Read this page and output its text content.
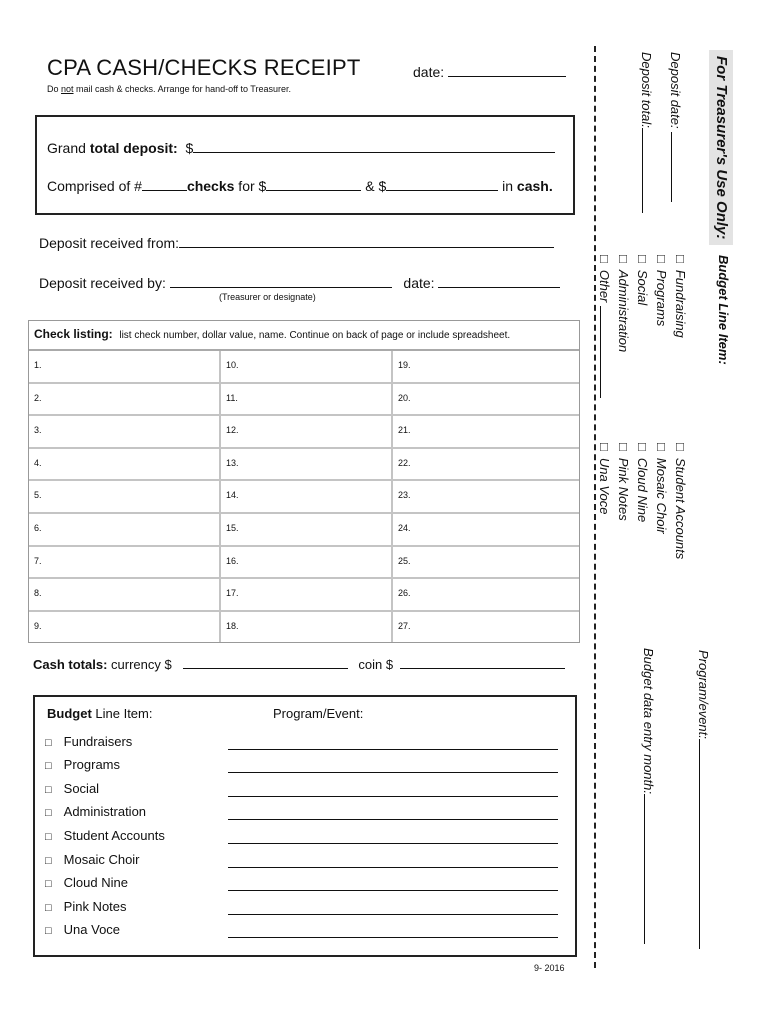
CPA CASH/CHECKS RECEIPT
Do not mail cash & checks. Arrange for hand-off to Treasurer.
date:
Grand total deposit: $
Comprised of #	checks for $	& $	in cash.
Deposit received from:
Deposit received by:	date:
(Treasurer or designate)
Check listing: list check number, dollar value, name. Continue on back of page or include spreadsheet.
1.	10.	19.
2.	11.	20.
3.	12.	21.
4.	13.	22.
5.	14.	23.
6.	15.	24.
7.	16.	25.
8.	17.	26.
9.	18.	27.
Cash totals: currency $	coin $
Budget Line Item:	Program/Event:
□ Fundraisers
□ Programs
□ Social
□ Administration
□ Student Accounts
□ Mosaic Choir
□ Cloud Nine
□ Pink Notes
□ Una Voce
9- 2016
For Treasurer's Use Only:
Deposit date:
Deposit total:
Budget Line Item:
□Fundraising
□Programs
□Social
□Administration
□Other
□Student Accounts
□Mosaic Choir
□Cloud Nine
□Pink Notes
□Una Voce
Program/event:
Budget data entry month:
